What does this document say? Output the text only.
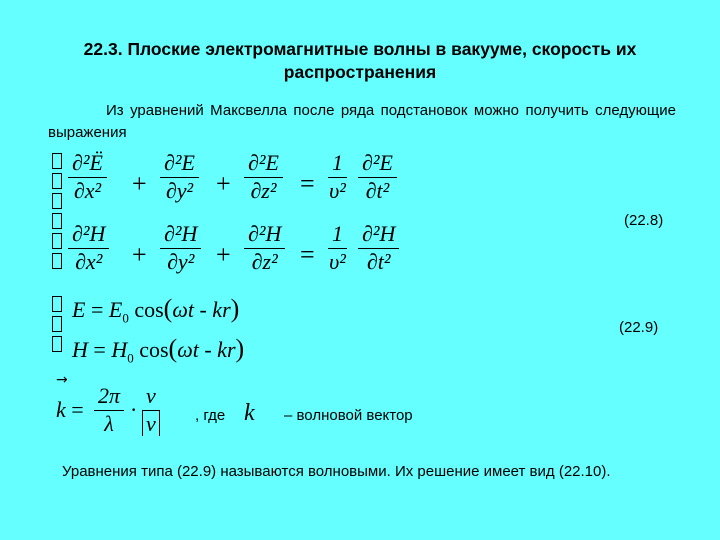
22.3. Плоские электромагнитные волны в вакууме, скорость их распространения
Из уравнений Максвелла после ряда подстановок можно получить следующие выражения
∂²Ё
$\partial x^2 + \frac{\text{∂²E}}{\text{∂y²}} + \frac{\text{∂²E}}{\text{∂z²}} = \frac{1}{\text{υ²}} \frac{\text{∂²E}}{\text{∂t²}}$
(22.8)
$\frac{\text{∂²H}}{\text{∂x²}} + \frac{\text{∂²H}}{\text{∂y²}} + \frac{\text{∂²H}}{\text{∂z²}} = \frac{1}{\text{υ²}} \frac{\text{∂²H}}{\text{∂t²}}$
$E = E_0$ cos(ωt - kr)
$H = H_0$ cos(ωt - kr)
(22.9)
→
$k = \frac{2\pi}{\lambda} \cdot \frac{v}{v}$ , где k – волновой вектор
Уравнения типа (22.9) называются волновыми. Их решение имеет вид (22.10).
